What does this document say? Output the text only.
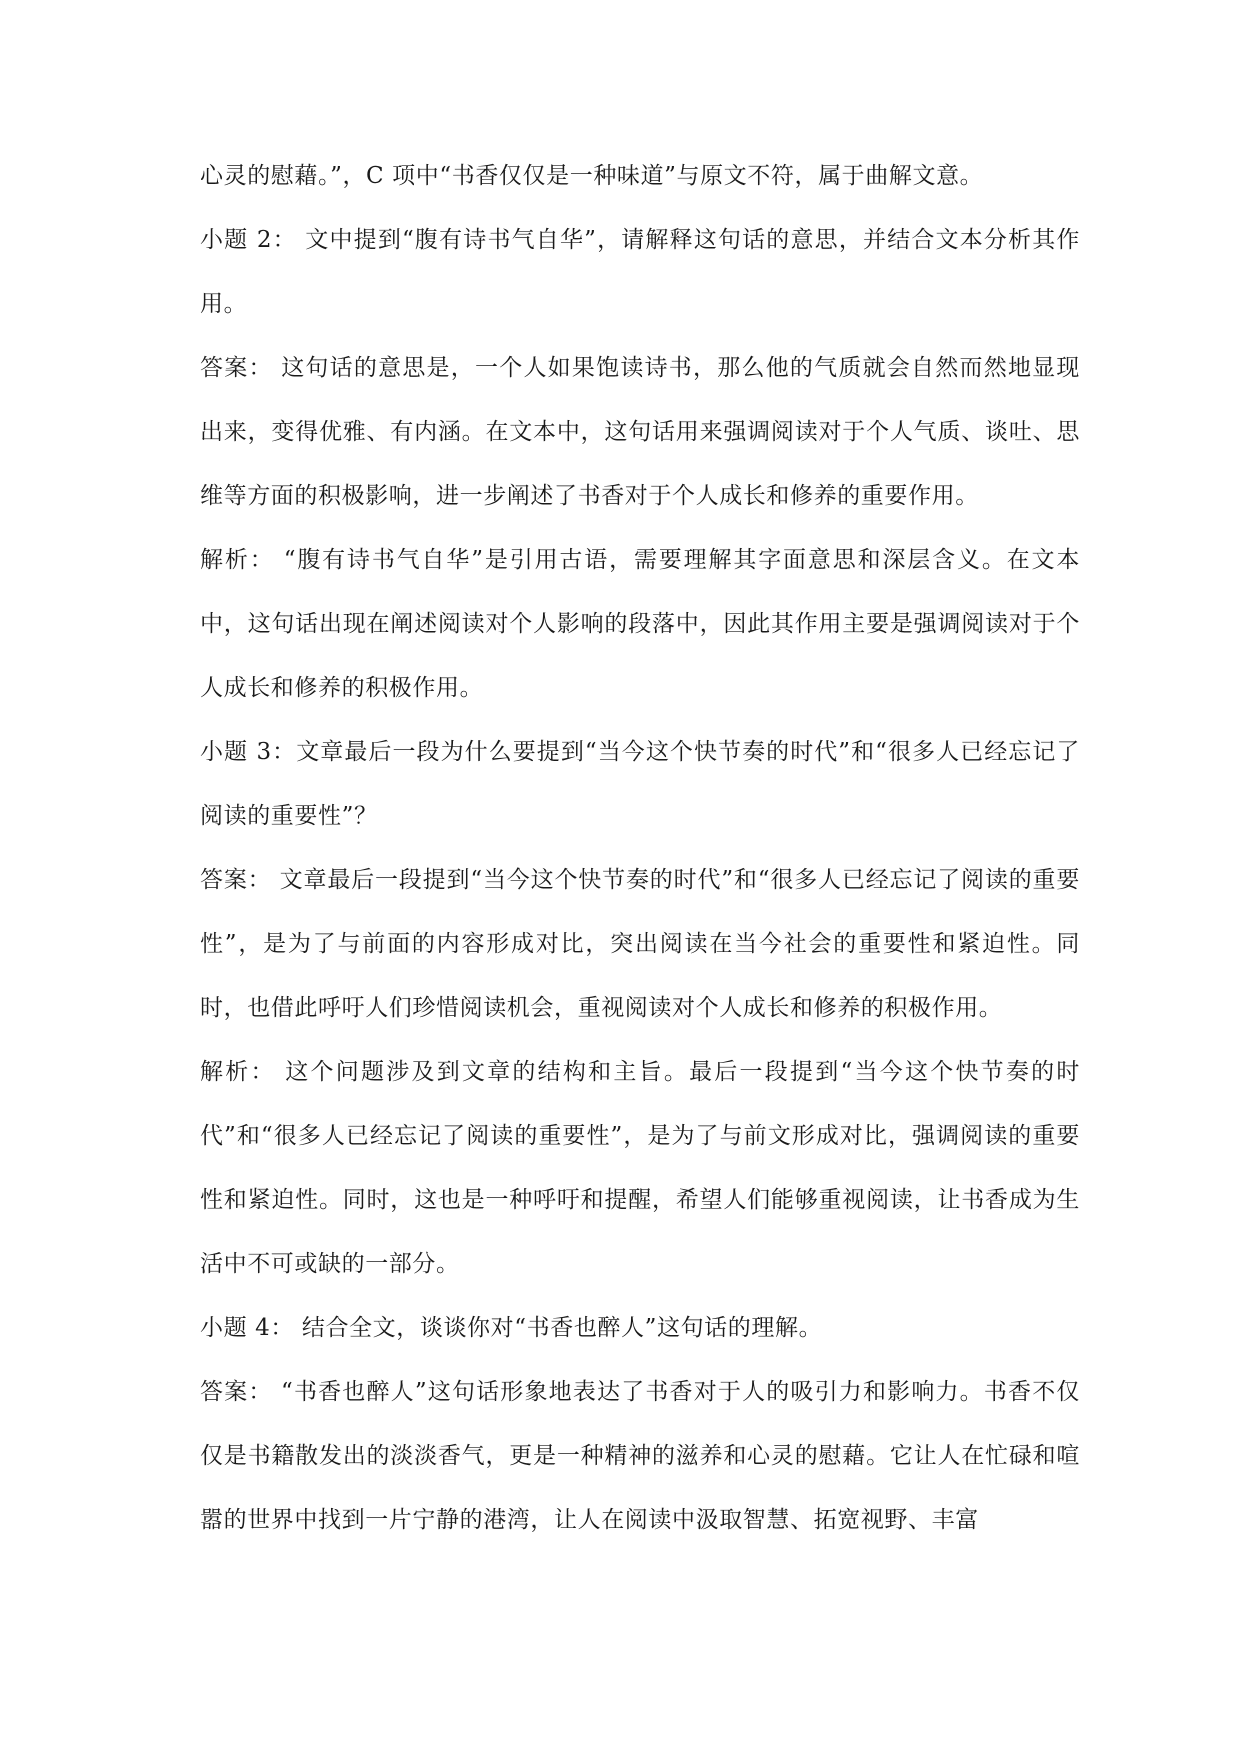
心灵的慰藉。”，C 项中“书香仅仅是一种味道”与原文不符，属于曲解文意。

小题 2： 文中提到“腹有诗书气自华”，请解释这句话的意思，并结合文本分析其作用。

答案： 这句话的意思是，一个人如果饱读诗书，那么他的气质就会自然而然地显现出来，变得优雅、有内涵。在文本中，这句话用来强调阅读对于个人气质、谈吐、思维等方面的积极影响，进一步阐述了书香对于个人成长和修养的重要作用。

解析： “腹有诗书气自华”是引用古语，需要理解其字面意思和深层含义。在文本中，这句话出现在阐述阅读对个人影响的段落中，因此其作用主要是强调阅读对于个人成长和修养的积极作用。

小题 3：文章最后一段为什么要提到“当今这个快节奏的时代”和“很多人已经忘记了阅读的重要性”？

答案： 文章最后一段提到“当今这个快节奏的时代”和“很多人已经忘记了阅读的重要性”，是为了与前面的内容形成对比，突出阅读在当今社会的重要性和紧迫性。同时，也借此呼吁人们珍惜阅读机会，重视阅读对个人成长和修养的积极作用。

解析： 这个问题涉及到文章的结构和主旨。最后一段提到“当今这个快节奏的时代”和“很多人已经忘记了阅读的重要性”，是为了与前文形成对比，强调阅读的重要性和紧迫性。同时，这也是一种呼吁和提醒，希望人们能够重视阅读，让书香成为生活中不可或缺的一部分。

小题 4： 结合全文，谈谈你对“书香也醉人”这句话的理解。

答案： “书香也醉人”这句话形象地表达了书香对于人的吸引力和影响力。书香不仅仅是书籍散发出的淡淡香气，更是一种精神的滋养和心灵的慰藉。它让人在忙碌和喧嚣的世界中找到一片宁静的港湾，让人在阅读中汲取智慧、拓宽视野、丰富
